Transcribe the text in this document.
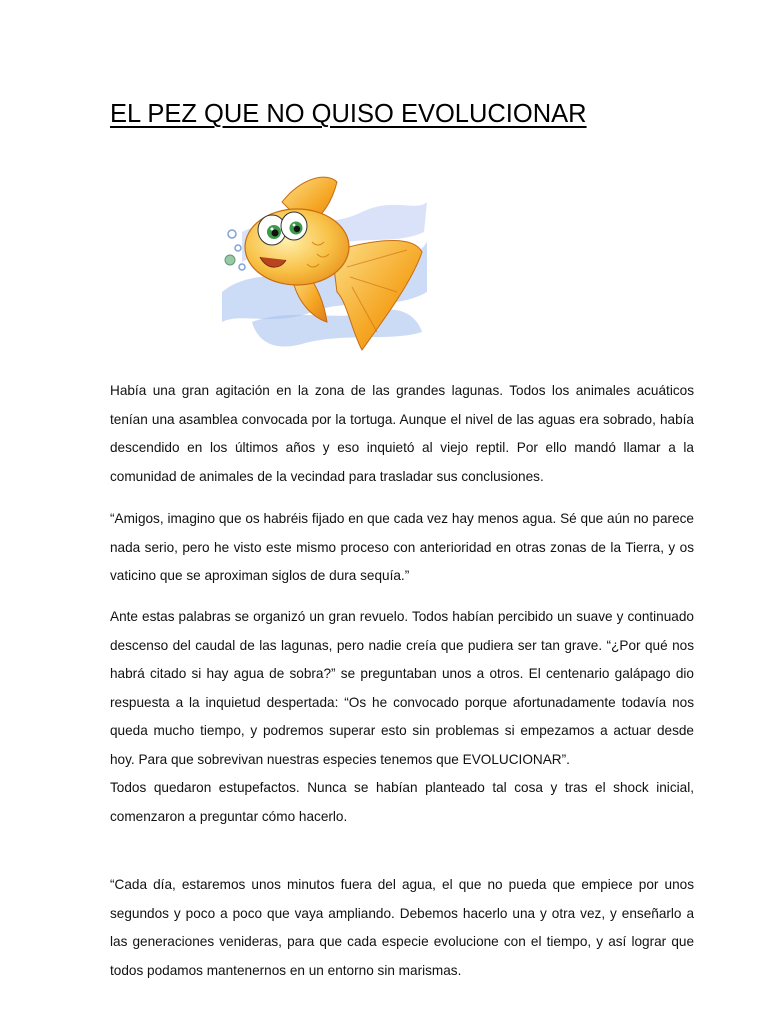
EL PEZ QUE NO QUISO EVOLUCIONAR

Había una gran agitación en la zona de las grandes lagunas. Todos los animales acuáticos tenían una asamblea convocada por la tortuga. Aunque el nivel de las aguas era sobrado, había descendido en los últimos años y eso inquietó al viejo reptil. Por ello mandó llamar a la comunidad de animales de la vecindad para trasladar sus conclusiones.

“Amigos, imagino que os habréis fijado en que cada vez hay menos agua. Sé que aún no parece nada serio, pero he visto este mismo proceso con anterioridad en otras zonas de la Tierra, y os vaticino que se aproximan siglos de dura sequía.”

Ante estas palabras se organizó un gran revuelo. Todos habían percibido un suave y continuado descenso del caudal de las lagunas, pero nadie creía que pudiera ser tan grave. “¿Por qué nos habrá citado si hay agua de sobra?” se preguntaban unos a otros. El centenario galápago dio respuesta a la inquietud despertada: “Os he convocado porque afortunadamente todavía nos queda mucho tiempo, y podremos superar esto sin problemas si empezamos a actuar desde hoy. Para que sobrevivan nuestras especies tenemos que EVOLUCIONAR”.
Todos quedaron estupefactos. Nunca se habían planteado tal cosa y tras el shock inicial, comenzaron a preguntar cómo hacerlo.

“Cada día, estaremos unos minutos fuera del agua, el que no pueda que empiece por unos segundos y poco a poco que vaya ampliando. Debemos hacerlo una y otra vez, y enseñarlo a las generaciones venideras, para que cada especie evolucione con el tiempo, y así lograr que todos podamos mantenernos en un entorno sin marismas.
